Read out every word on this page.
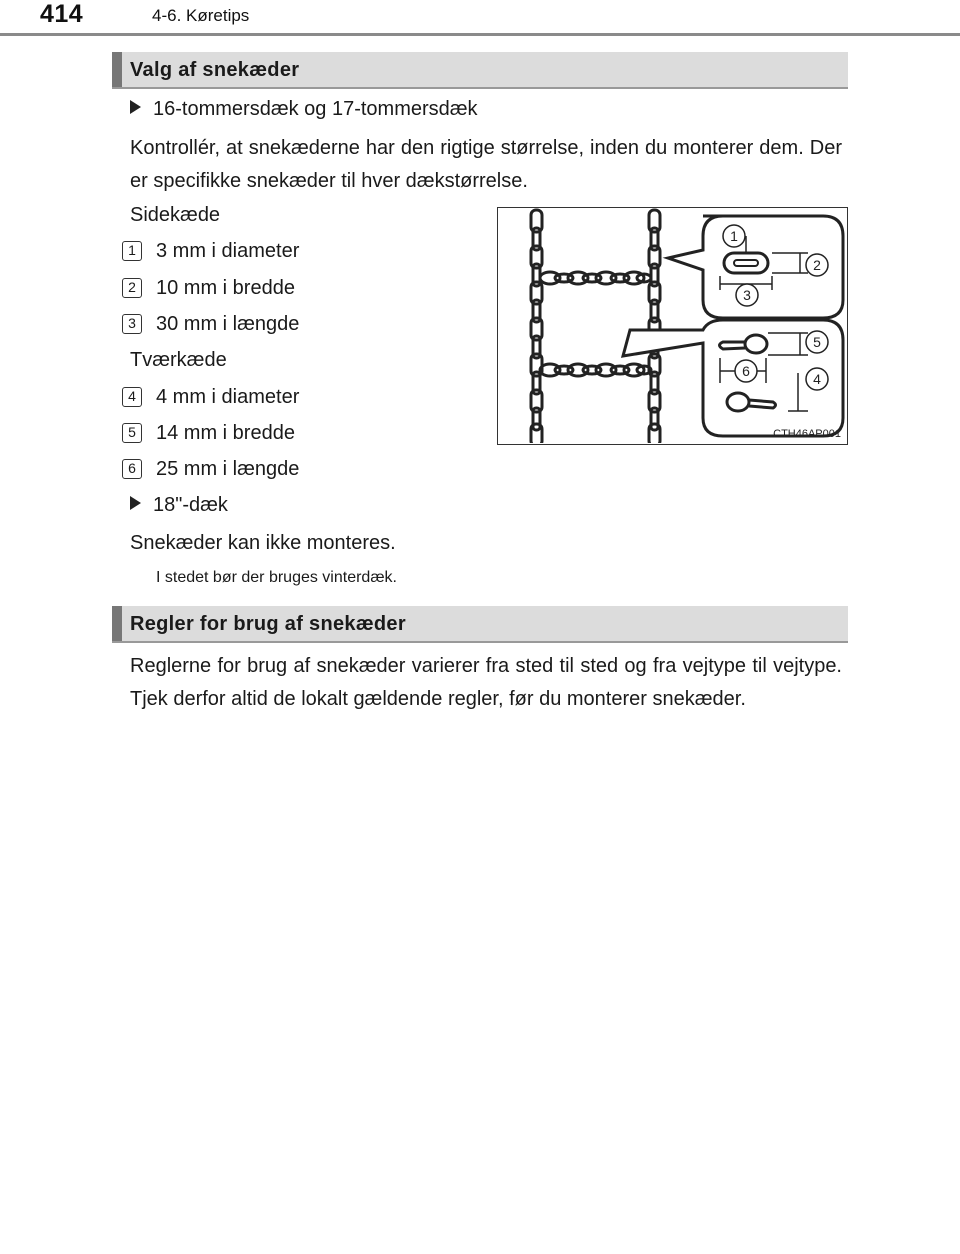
414	4-6. Køretips
Valg af snekæder
16-tommersdæk og 17-tommersdæk
Kontrollér, at snekæderne har den rigtige størrelse, inden du monterer dem. Der er specifikke snekæder til hver dækstørrelse.
Sidekæde
1 3 mm i diameter
2 10 mm i bredde
3 30 mm i længde
Tværkæde
4 4 mm i diameter
5 14 mm i bredde
6 25 mm i længde
18"-dæk
Snekæder kan ikke monteres.
I stedet bør der bruges vinterdæk.
1
2
3
5
6	4
CTH46AP001
Regler for brug af snekæder
Reglerne for brug af snekæder varierer fra sted til sted og fra vejtype til vejtype. Tjek derfor altid de lokalt gældende regler, før du monterer snekæder.
